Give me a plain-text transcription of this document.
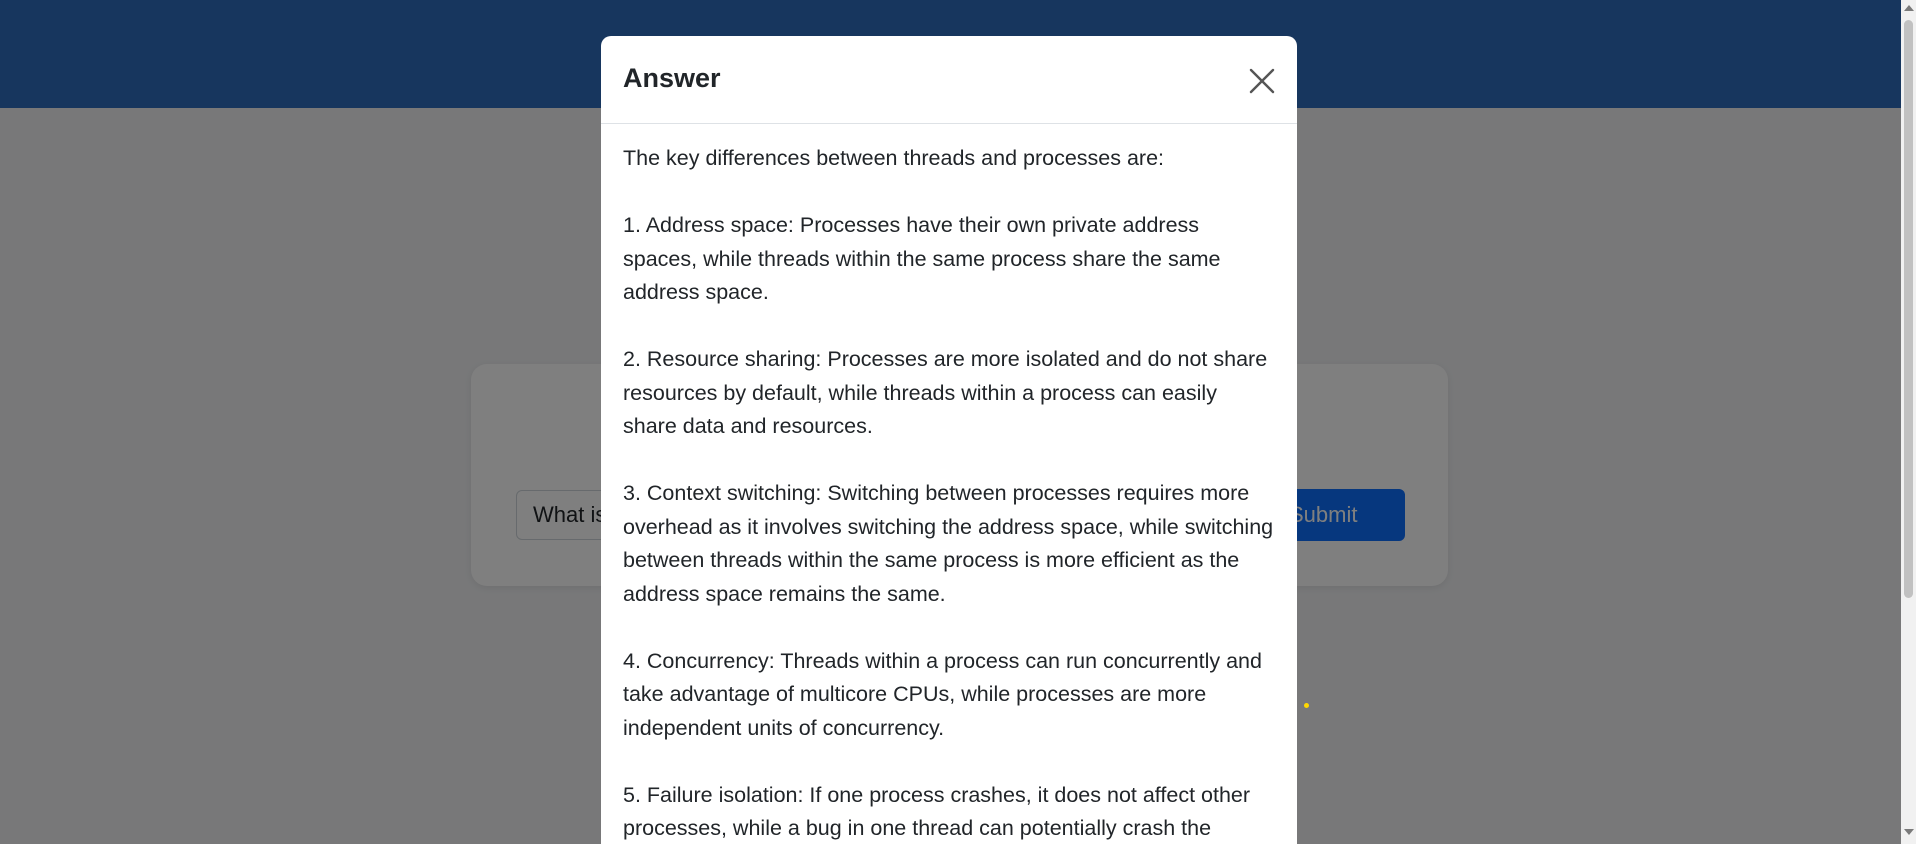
What is
Answer

The key differences between threads and processes are:

1. Address space: Processes have their own private address spaces, while threads within the same process share the same address space.

2. Resource sharing: Processes are more isolated and do not share resources by default, while threads within a process can easily share data and resources.

3. Context switching: Switching between processes requires more overhead as it involves switching the address space, while switching between threads within the same process is more efficient as the address space remains the same.

4. Concurrency: Threads within a process can run concurrently and take advantage of multicore CPUs, while processes are more independent units of concurrency.

5. Failure isolation: If one process crashes, it does not affect other processes, while a bug in one thread can potentially crash the
